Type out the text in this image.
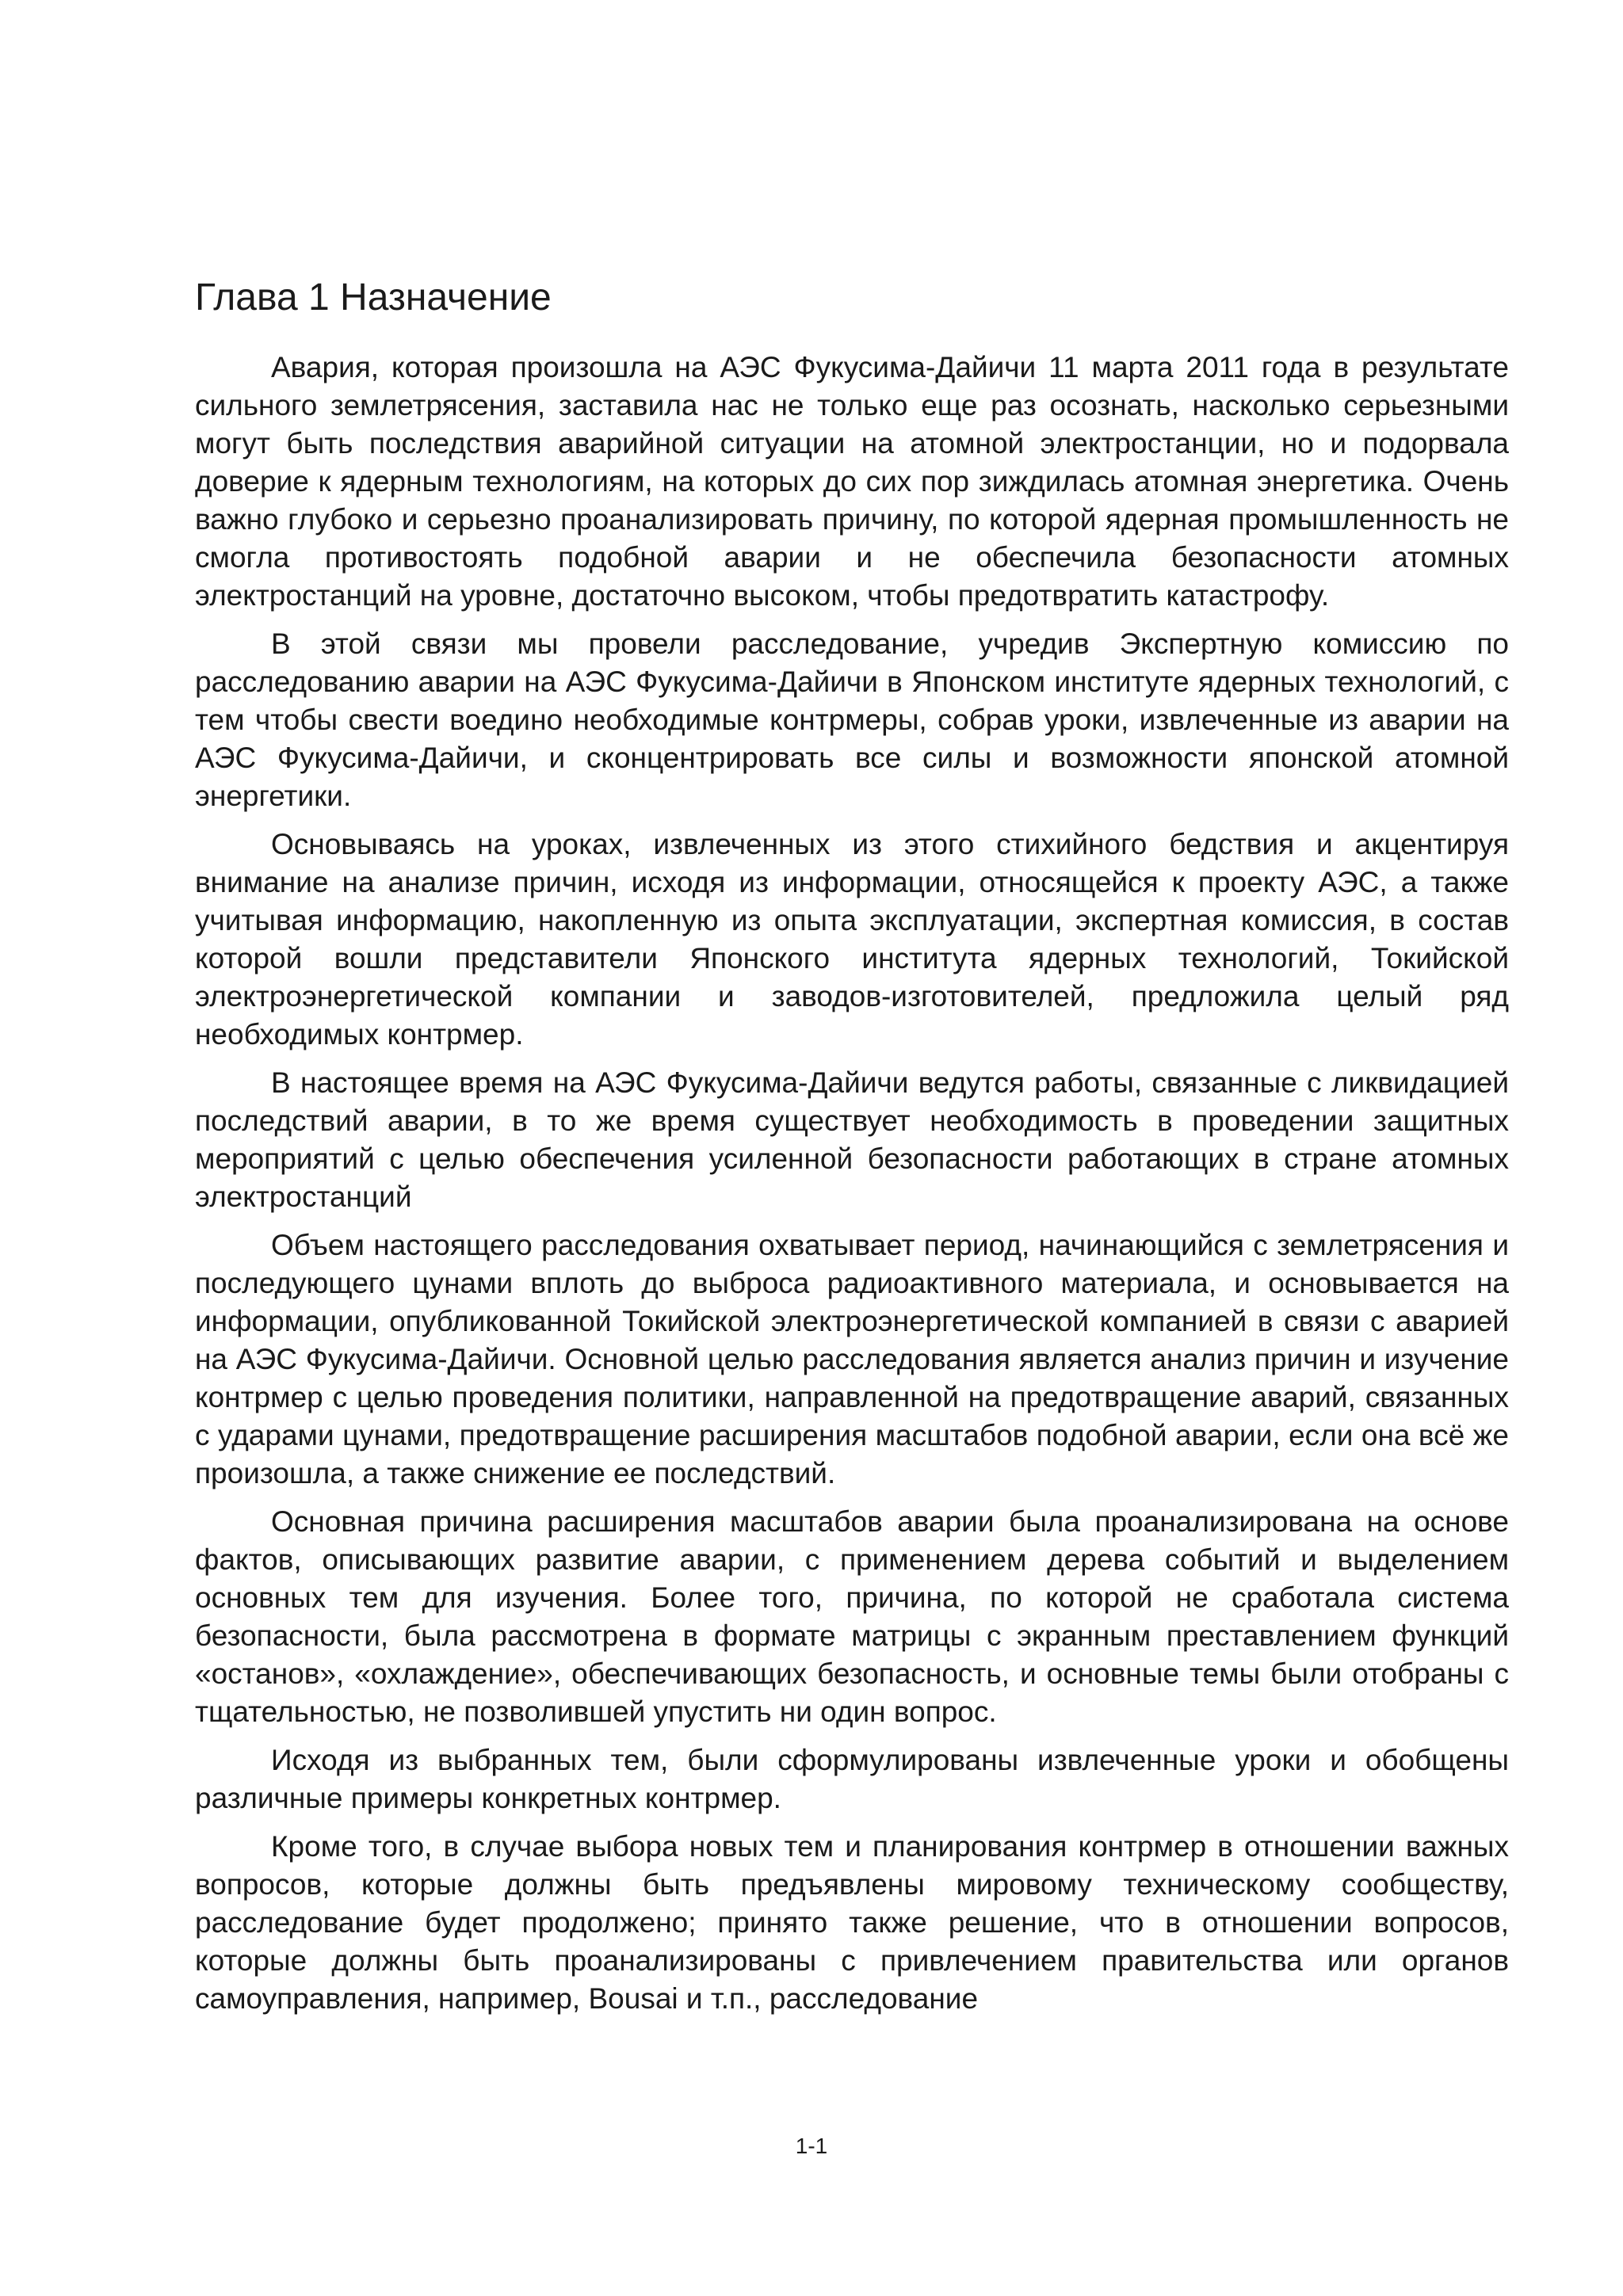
Глава 1 Назначение

Авария, которая произошла на АЭС Фукусима-Дайичи 11 марта 2011 года в результате сильного землетрясения, заставила нас не только еще раз осознать, насколько серьезными могут быть последствия аварийной ситуации на атомной электростанции, но и подорвала доверие к ядерным технологиям, на которых до сих пор зиждилась атомная энергетика. Очень важно глубоко и серьезно проанализировать причину, по которой ядерная промышленность не смогла противостоять подобной аварии и не обеспечила безопасности атомных электростанций на уровне, достаточно высоком, чтобы предотвратить катастрофу.

В этой связи мы провели расследование, учредив Экспертную комиссию по расследованию аварии на АЭС Фукусима-Дайичи в Японском институте ядерных технологий, с тем чтобы свести воедино необходимые контрмеры, собрав уроки, извлеченные из аварии на АЭС Фукусима-Дайичи, и сконцентрировать все силы и возможности японской атомной энергетики.

Основываясь на уроках, извлеченных из этого стихийного бедствия и акцентируя внимание на анализе причин, исходя из информации, относящейся к проекту АЭС, а также учитывая информацию, накопленную из опыта эксплуатации, экспертная комиссия, в состав которой вошли представители Японского института ядерных технологий, Токийской электроэнергетической компании и заводов-изготовителей, предложила целый ряд необходимых контрмер.

В настоящее время на АЭС Фукусима-Дайичи ведутся работы, связанные с ликвидацией последствий аварии, в то же время существует необходимость в проведении защитных мероприятий с целью обеспечения усиленной безопасности работающих в стране атомных электростанций

Объем настоящего расследования охватывает период, начинающийся с землетрясения и последующего цунами вплоть до выброса радиоактивного материала, и основывается на информации, опубликованной Токийской электроэнергетической компанией в связи с аварией на АЭС Фукусима-Дайичи. Основной целью расследования является анализ причин и изучение контрмер с целью проведения политики, направленной на предотвращение аварий, связанных с ударами цунами, предотвращение расширения масштабов подобной аварии, если она всё же произошла, а также снижение ее последствий.

Основная причина расширения масштабов аварии была проанализирована на основе фактов, описывающих развитие аварии, с применением дерева событий и выделением основных тем для изучения. Более того, причина, по которой не сработала система безопасности, была рассмотрена в формате матрицы с экранным преставлением функций «останов», «охлаждение», обеспечивающих безопасность, и основные темы были отобраны с тщательностью, не позволившей упустить ни один вопрос.

Исходя из выбранных тем, были сформулированы извлеченные уроки и обобщены различные примеры конкретных контрмер.

Кроме того, в случае выбора новых тем и планирования контрмер в отношении важных вопросов, которые должны быть предъявлены мировому техническому сообществу, расследование будет продолжено; принято также решение, что в отношении вопросов, которые должны быть проанализированы с привлечением правительства или органов самоуправления, например, Bousai и т.п., расследование

1-1
